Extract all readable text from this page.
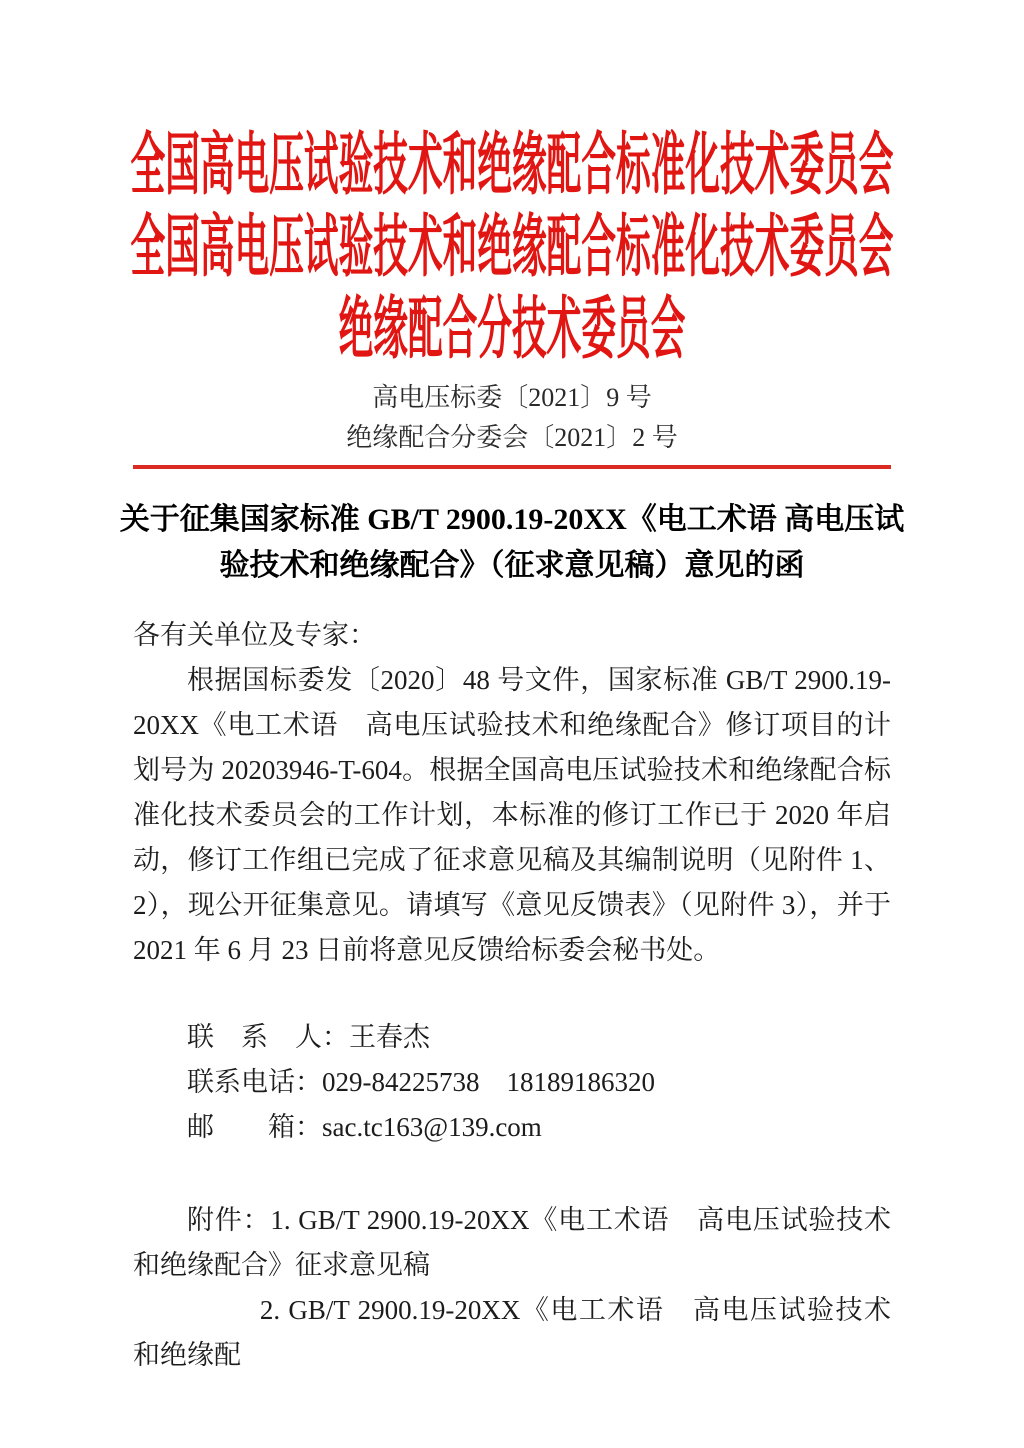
全国高电压试验技术和绝缘配合标准化技术委员会
全国高电压试验技术和绝缘配合标准化技术委员会
绝缘配合分技术委员会
高电压标委〔2021〕9 号
绝缘配合分委会〔2021〕2 号
关于征集国家标准 GB/T 2900.19-20XX《电工术语 高电压试
验技术和绝缘配合》（征求意见稿）意见的函

各有关单位及专家：

根据国标委发〔2020〕48 号文件，国家标准 GB/T 2900.19-20XX《电工术语　高电压试验技术和绝缘配合》修订项目的计划号为 20203946-T-604。根据全国高电压试验技术和绝缘配合标准化技术委员会的工作计划，本标准的修订工作已于 2020 年启动，修订工作组已完成了征求意见稿及其编制说明（见附件 1、2），现公开征集意见。请填写《意见反馈表》（见附件 3），并于 2021 年 6 月 23 日前将意见反馈给标委会秘书处。

联　系　人：王春杰

联系电话：029-84225738　18189186320

邮　　箱：sac.tc163@139.com

附件：1. GB/T 2900.19-20XX《电工术语　高电压试验技术和绝缘配合》征求意见稿

2. GB/T 2900.19-20XX《电工术语　高电压试验技术和绝缘配
